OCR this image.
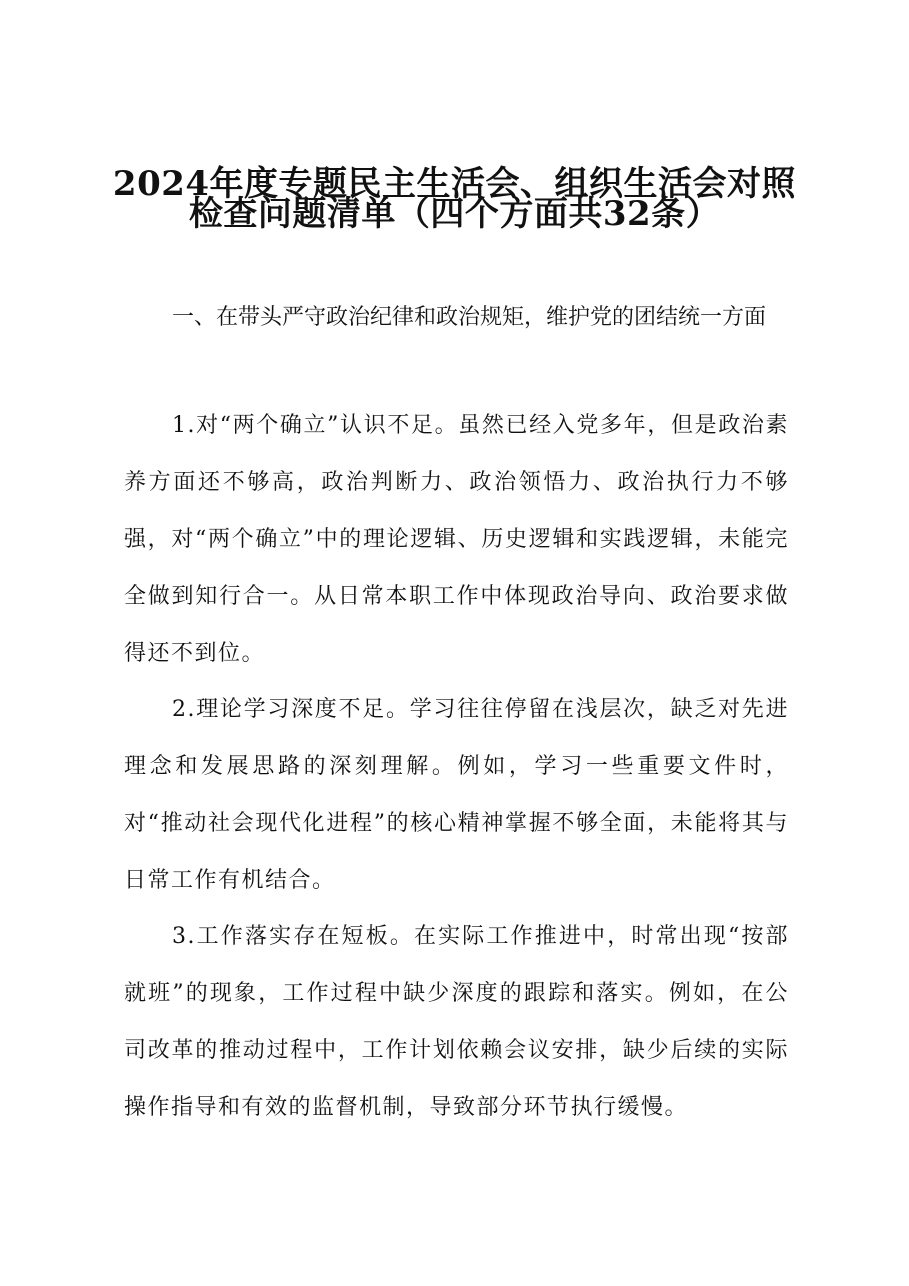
2024年度专题民主生活会、组织生活会对照
检查问题清单（四个方面共32条）
一、在带头严守政治纪律和政治规矩，维护党的团结统一方面
1.对“两个确立”认识不足。虽然已经入党多年，但是政治素养方面还不够高，政治判断力、政治领悟力、政治执行力不够强，对“两个确立”中的理论逻辑、历史逻辑和实践逻辑，未能完全做到知行合一。从日常本职工作中体现政治导向、政治要求做得还不到位。
2.理论学习深度不足。学习往往停留在浅层次，缺乏对先进理念和发展思路的深刻理解。例如，学习一些重要文件时，对“推动社会现代化进程”的核心精神掌握不够全面，未能将其与日常工作有机结合。
3.工作落实存在短板。在实际工作推进中，时常出现“按部就班”的现象，工作过程中缺少深度的跟踪和落实。例如，在公司改革的推动过程中，工作计划依赖会议安排，缺少后续的实际操作指导和有效的监督机制，导致部分环节执行缓慢。
